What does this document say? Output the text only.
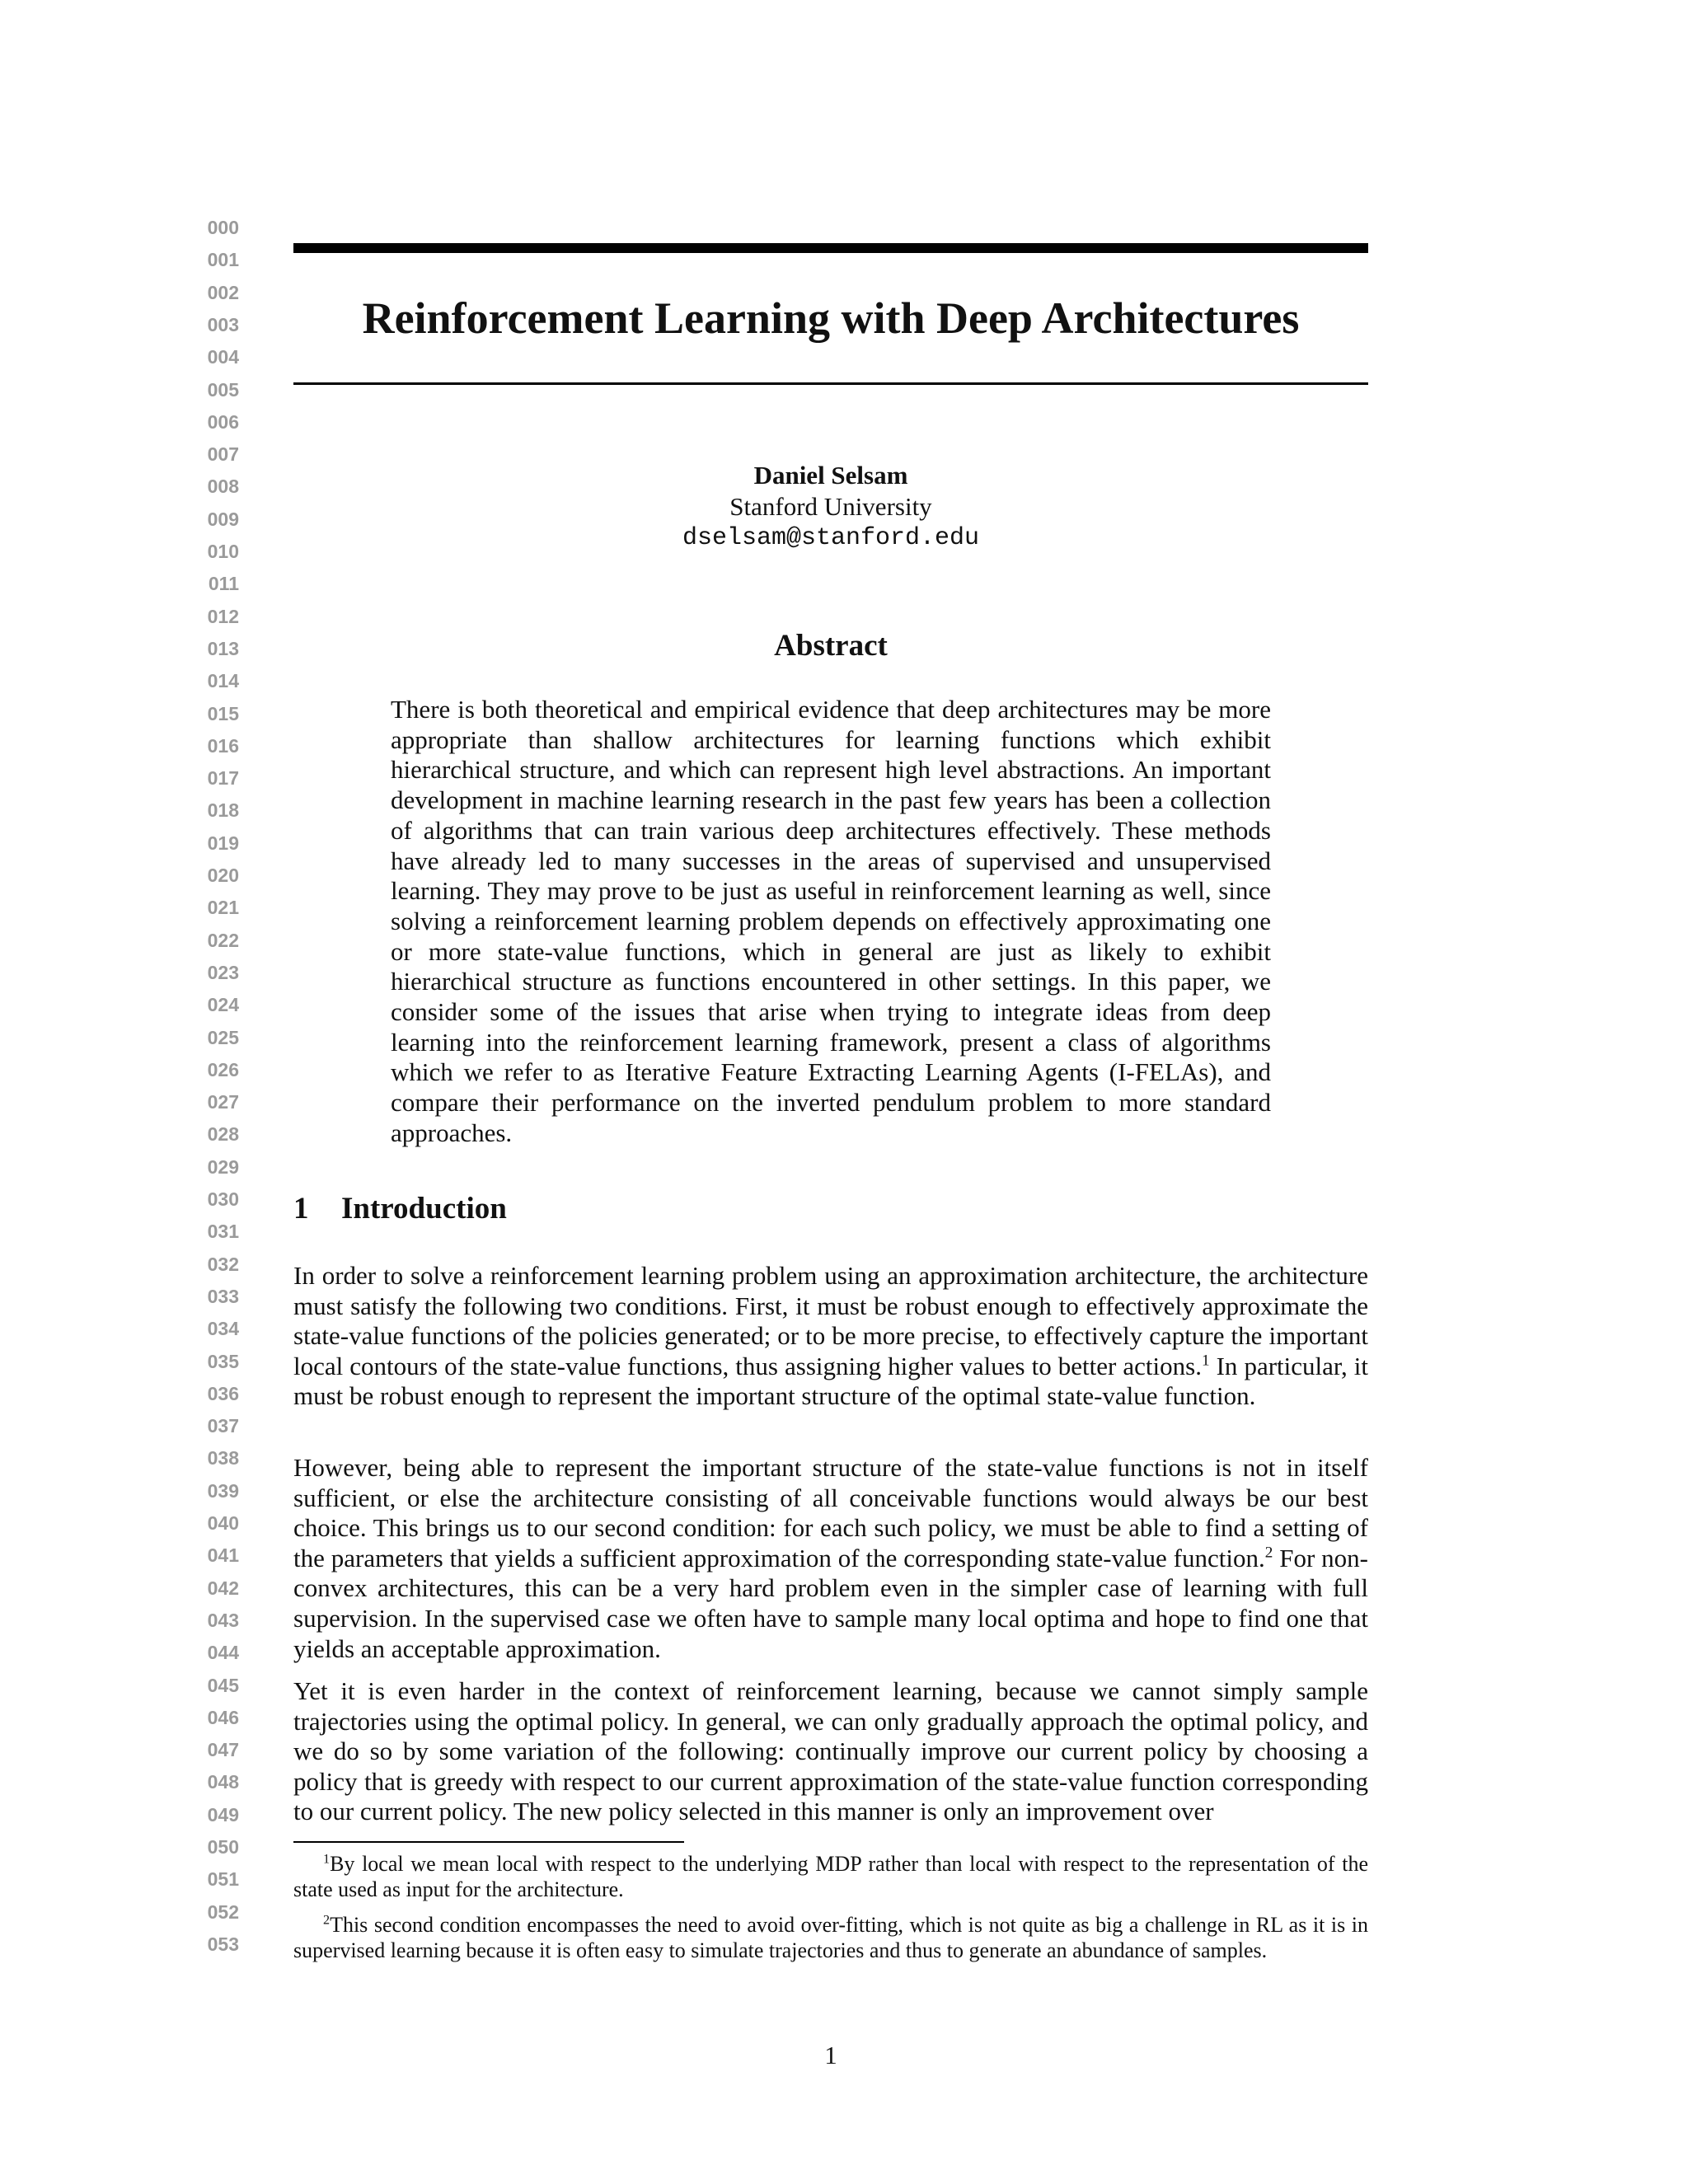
000
001
002
003
004
005
006
007
008
009
010
011
012
013
014
015
016
017
018
019
020
021
022
023
024
025
026
027
028
029
030
031
032
033
034
035
036
037
038
039
040
041
042
043
044
045
046
047
048
049
050
051
052
053
Reinforcement Learning with Deep Architectures
Daniel Selsam
Stanford University
dselsam@stanford.edu
Abstract

There is both theoretical and empirical evidence that deep architectures may be more appropriate than shallow architectures for learning functions which exhibit hierarchical structure, and which can represent high level abstractions. An important development in machine learning research in the past few years has been a collection of algorithms that can train various deep architectures effectively. These methods have already led to many successes in the areas of supervised and unsupervised learning. They may prove to be just as useful in reinforcement learning as well, since solving a reinforcement learning problem depends on effectively approximating one or more state-value functions, which in general are just as likely to exhibit hierarchical structure as functions encountered in other settings. In this paper, we consider some of the issues that arise when trying to integrate ideas from deep learning into the reinforcement learning framework, present a class of algorithms which we refer to as Iterative Feature Extracting Learning Agents (I-FELAs), and compare their performance on the inverted pendulum problem to more standard approaches.

1 Introduction

In order to solve a reinforcement learning problem using an approximation architecture, the architecture must satisfy the following two conditions. First, it must be robust enough to effectively approximate the state-value functions of the policies generated; or to be more precise, to effectively capture the important local contours of the state-value functions, thus assigning higher values to better actions.$^1$ In particular, it must be robust enough to represent the important structure of the optimal state-value function.

However, being able to represent the important structure of the state-value functions is not in itself sufficient, or else the architecture consisting of all conceivable functions would always be our best choice. This brings us to our second condition: for each such policy, we must be able to find a setting of the parameters that yields a sufficient approximation of the corresponding state-value function.$^2$ For non-convex architectures, this can be a very hard problem even in the simpler case of learning with full supervision. In the supervised case we often have to sample many local optima and hope to find one that yields an acceptable approximation.

Yet it is even harder in the context of reinforcement learning, because we cannot simply sample trajectories using the optimal policy. In general, we can only gradually approach the optimal policy, and we do so by some variation of the following: continually improve our current policy by choosing a policy that is greedy with respect to our current approximation of the state-value function corresponding to our current policy. The new policy selected in this manner is only an improvement over

$^1$By local we mean local with respect to the underlying MDP rather than local with respect to the representation of the state used as input for the architecture.

$^2$This second condition encompasses the need to avoid over-fitting, which is not quite as big a challenge in RL as it is in supervised learning because it is often easy to simulate trajectories and thus to generate an abundance of samples.

1
